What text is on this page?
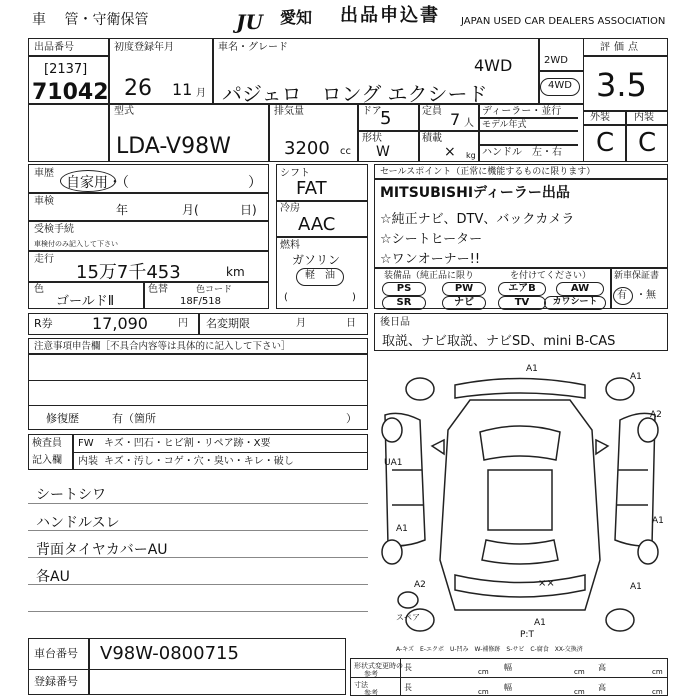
車　 管・守衛保管	JU	愛知 出品申込書 JAPAN USED CAR DEALERS ASSOCIATION
出品番号
[2137]
71042
初度登録年月
26 11 月
車名・グレード
パジェロ　ロング エクシード
4WD	2WD
4WD
評価点
3.5
外装 内装
C C
型式
LDA-V98W
排気量
3200 cc
ドア
5	定員 7 人
形状
W
積載
× kg
ディーラー・並行
モデル年式
ハンドル　左・右
車歴
自家用・（	）
車検
年	月(	日)
受検手続
車検付のみ記入して下さい
走行
15万7千453	km
色
ゴールドⅡ
色替	色コード
18F/518
シフト
FAT
冷房
AAC
燃料
ガソリン
軽　油
(	)
セールスポイント（正常に機能するものに限ります）
MITSUBISHIディーラー出品
☆純正ナビ、DTV、バックカメラ
☆シートヒーター
☆ワンオーナー!!
装備品（純正品に限り　　　　を付けてください）
PS	PW	エアB	AW
SR	ナビ	TV	カワシート
新車保証書
有 ・無
R券 17,090	円 名変期限	月	日 後日品
取説、ナビ取説、ナビSD、mini B-CAS
注意事項申告欄［不具合内容等は具体的に記入して下さい］
修復歴	有（箇所	）
検査員
記入欄
FW キズ・凹石・ヒビ割・リペア跡・X要
内装 キズ・汚し・コゲ・穴・臭い・キレ・破し
シートシワ
ハンドルスレ
背面タイヤカバーAU
各AU
A1
A1
A2
UA1
A1
A1
A2	A1
××
A1
スペア
P:T
A-キズ　E-エクボ　U-凹み　W-補修跡　S-サビ　C-腐食　XX-交換済
車台番号 V98W-0800715
登録番号
形状式変更時の
参考
寸法
参考
長	cm 幅	cm 高	cm
長	cm 幅	cm 高	cm
